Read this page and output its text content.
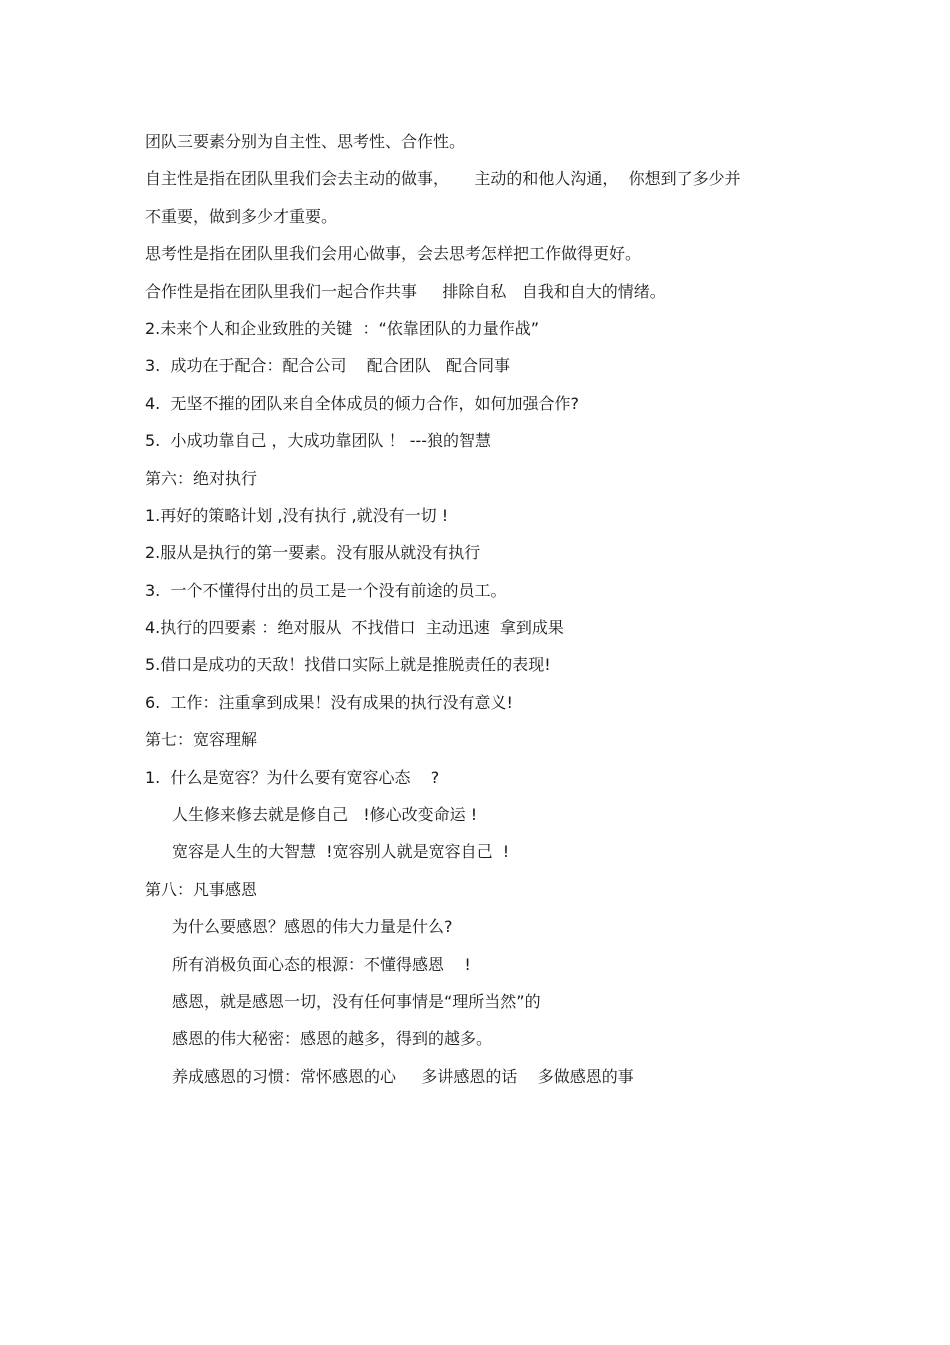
团队三要素分别为自主性、思考性、合作性。
自主性是指在团队里我们会去主动的做事，     主动的和他人沟通，  你想到了多少并
不重要，做到多少才重要。
思考性是指在团队里我们会用心做事，会去思考怎样把工作做得更好。
合作性是指在团队里我们一起合作共事     排除自私   自我和自大的情绪。
2.未来个人和企业致胜的关键  ：“依靠团队的力量作战”
3.  成功在于配合：配合公司    配合团队   配合同事
4.  无坚不摧的团队来自全体成员的倾力合作，如何加强合作?
5.  小成功靠自己 ，大成功靠团队 ！ ---狼的智慧
第六：绝对执行
1.再好的策略计划 ,没有执行 ,就没有一切 !
2.服从是执行的第一要素。没有服从就没有执行
3.  一个不懂得付出的员工是一个没有前途的员工。
4.执行的四要素 ：绝对服从  不找借口  主动迅速  拿到成果
5.借口是成功的天敌！找借口实际上就是推脱责任的表现!
6.  工作：注重拿到成果！没有成果的执行没有意义!
第七：宽容理解
1.  什么是宽容？为什么要有宽容心态    ?
人生修来修去就是修自己   !修心改变命运 !
宽容是人生的大智慧  !宽容别人就是宽容自己  !
第八：凡事感恩
为什么要感恩？感恩的伟大力量是什么?
所有消极负面心态的根源：不懂得感恩    !
感恩，就是感恩一切，没有任何事情是“理所当然”的
感恩的伟大秘密：感恩的越多，得到的越多。
养成感恩的习惯：常怀感恩的心     多讲感恩的话    多做感恩的事
